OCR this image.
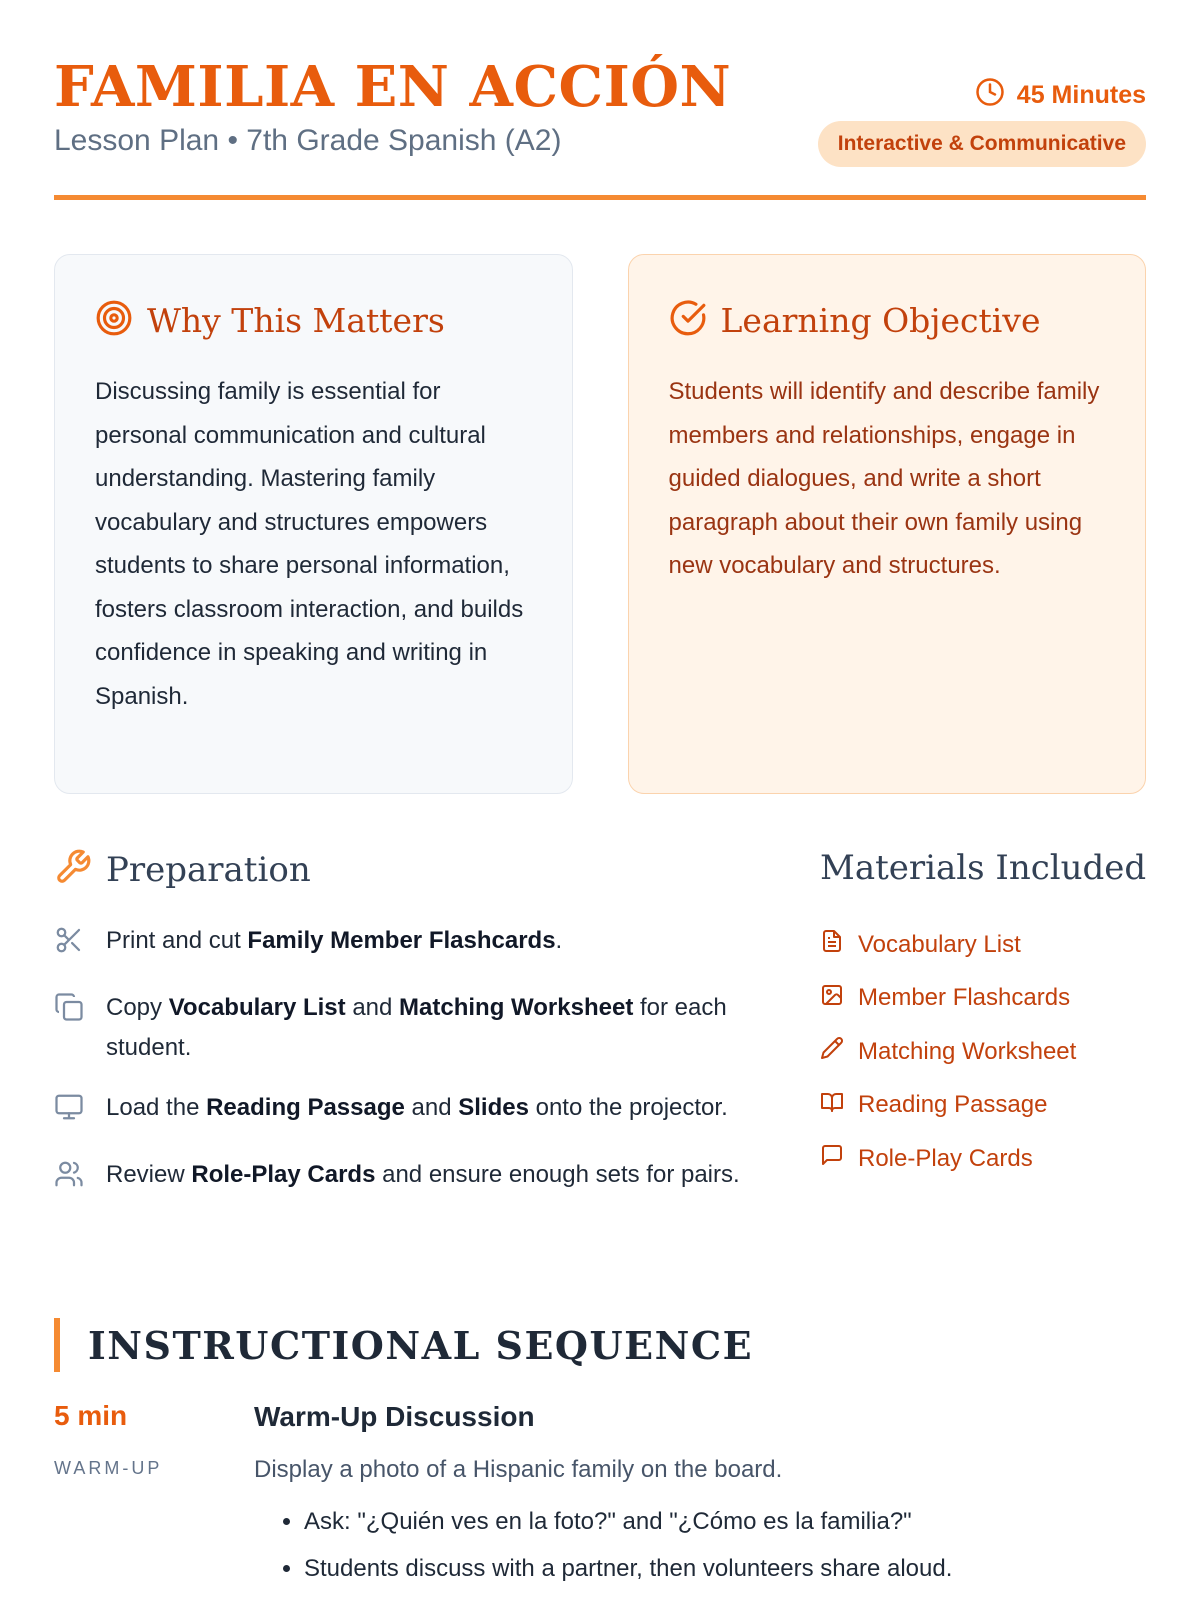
FAMILIA EN ACCIÓN
Lesson Plan • 7th Grade Spanish (A2)
45 Minutes
Interactive & Communicative
Why This Matters

Discussing family is essential for personal communication and cultural understanding. Mastering family vocabulary and structures empowers students to share personal information, fosters classroom interaction, and builds confidence in speaking and writing in Spanish.

Learning Objective

Students will identify and describe family members and relationships, engage in guided dialogues, and write a short paragraph about their own family using new vocabulary and structures.

Preparation
Print and cut Family Member Flashcards.
Copy Vocabulary List and Matching Worksheet for each student.
Load the Reading Passage and Slides onto the projector.
Review Role-Play Cards and ensure enough sets for pairs.
Materials Included
Vocabulary List
Member Flashcards
Matching Worksheet
Reading Passage
Role-Play Cards
INSTRUCTIONAL SEQUENCE
5 min
WARM-UP
Warm-Up Discussion

Display a photo of a Hispanic family on the board.

• Ask: "¿Quién ves en la foto?" and "¿Cómo es la familia?"
• Students discuss with a partner, then volunteers share aloud.
